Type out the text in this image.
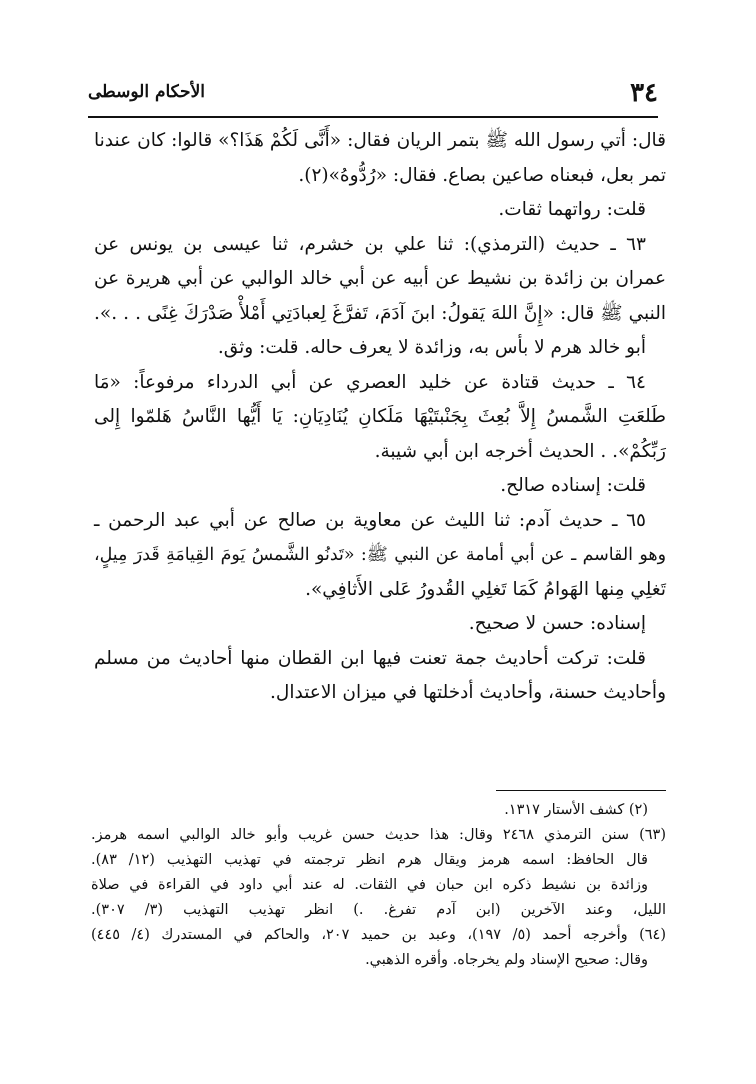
٣٤
الأحكام الوسطى
قال: أتي رسول الله ﷺ بتمر الريان فقال: «أَنَّى لَكُمْ هَذَا؟» قالوا: كان عندنا
تمر بعل، فبعناه صاعين بصاع. فقال: «رُدُّوهُ»(٢).
قلت: رواتهما ثقات.
٦٣ ـ حديث (الترمذي): ثنا علي بن خشرم، ثنا عيسى بن يونس عن
عمران بن زائدة بن نشيط عن أبيه عن أبي خالد الوالبي عن أبي هريرة عن
النبي ﷺ قال: «إِنَّ اللهَ يَقولُ: ابنَ آدَمَ، تَفرَّغَ لِعبادَتِي أَمْلأْ صَدْرَكَ غِنًى . . .».
أبو خالد هرم لا بأس به، وزائدة لا يعرف حاله. قلت: وثق.
٦٤ ـ حديث قتادة عن خليد العصري عن أبي الدرداء مرفوعاً: «مَا
طَلعَتِ الشَّمسُ إِلاَّ بُعِثَ بِجَنْبتَيْهَا مَلَكانِ يُنَادِيَانِ: يَا أَيُّها النَّاسُ هَلمّوا إِلى
رَبِّكُمْ». . الحديث أخرجه ابن أبي شيبة.
قلت: إسناده صالح.
٦٥ ـ حديث آدم: ثنا الليث عن معاوية بن صالح عن أبي عبد الرحمن ـ
وهو القاسم ـ عن أبي أمامة عن النبي ﷺ: «تَدنُو الشَّمسُ يَومَ القِيامَةِ قَدرَ مِيلٍ،
تَغلِي مِنها الهَوامُ كَمَا تَغلِي القُدورُ عَلى الأَثافِي».
إسناده: حسن لا صحيح.
قلت: تركت أحاديث جمة تعنت فيها ابن القطان منها أحاديث من مسلم
وأحاديث حسنة، وأحاديث أدخلتها في ميزان الاعتدال.
(٢) كشف الأستار ١٣١٧.
(٦٣) سنن الترمذي ٢٤٦٨ وقال: هذا حديث حسن غريب وأبو خالد الوالبي اسمه هرمز.
قال الحافظ: اسمه هرمز ويقال هرم انظر ترجمته في تهذيب التهذيب (١٢/ ٨٣).
وزائدة بن نشيط ذكره ابن حبان في الثقات. له عند أبي داود في القراءة في صلاة
الليل، وعند الآخرين (ابن آدم تفرغ. .) انظر تهذيب التهذيب (٣/ ٣٠٧).
(٦٤) وأخرجه أحمد (٥/ ١٩٧)، وعبد بن حميد ٢٠٧، والحاكم في المستدرك (٤/ ٤٤٥)
وقال: صحيح الإسناد ولم يخرجاه. وأقره الذهبي.
